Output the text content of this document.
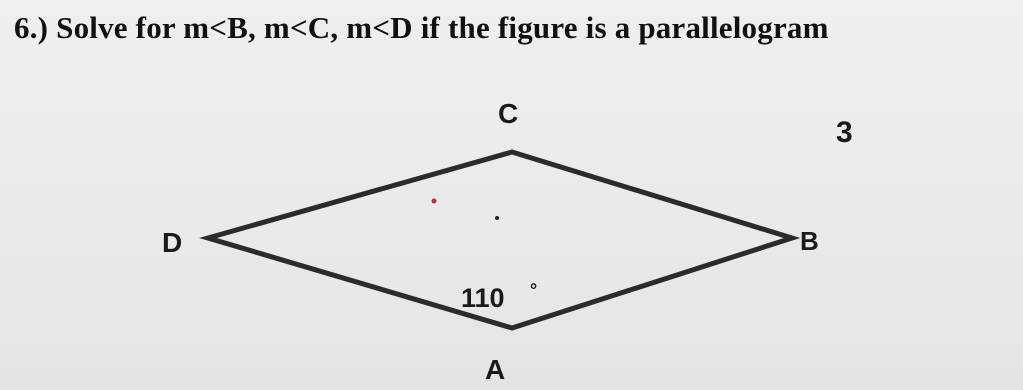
6.) Solve for m<B, m<C, m<D if the figure is a parallelogram
C
3
D	B
110 °
A
